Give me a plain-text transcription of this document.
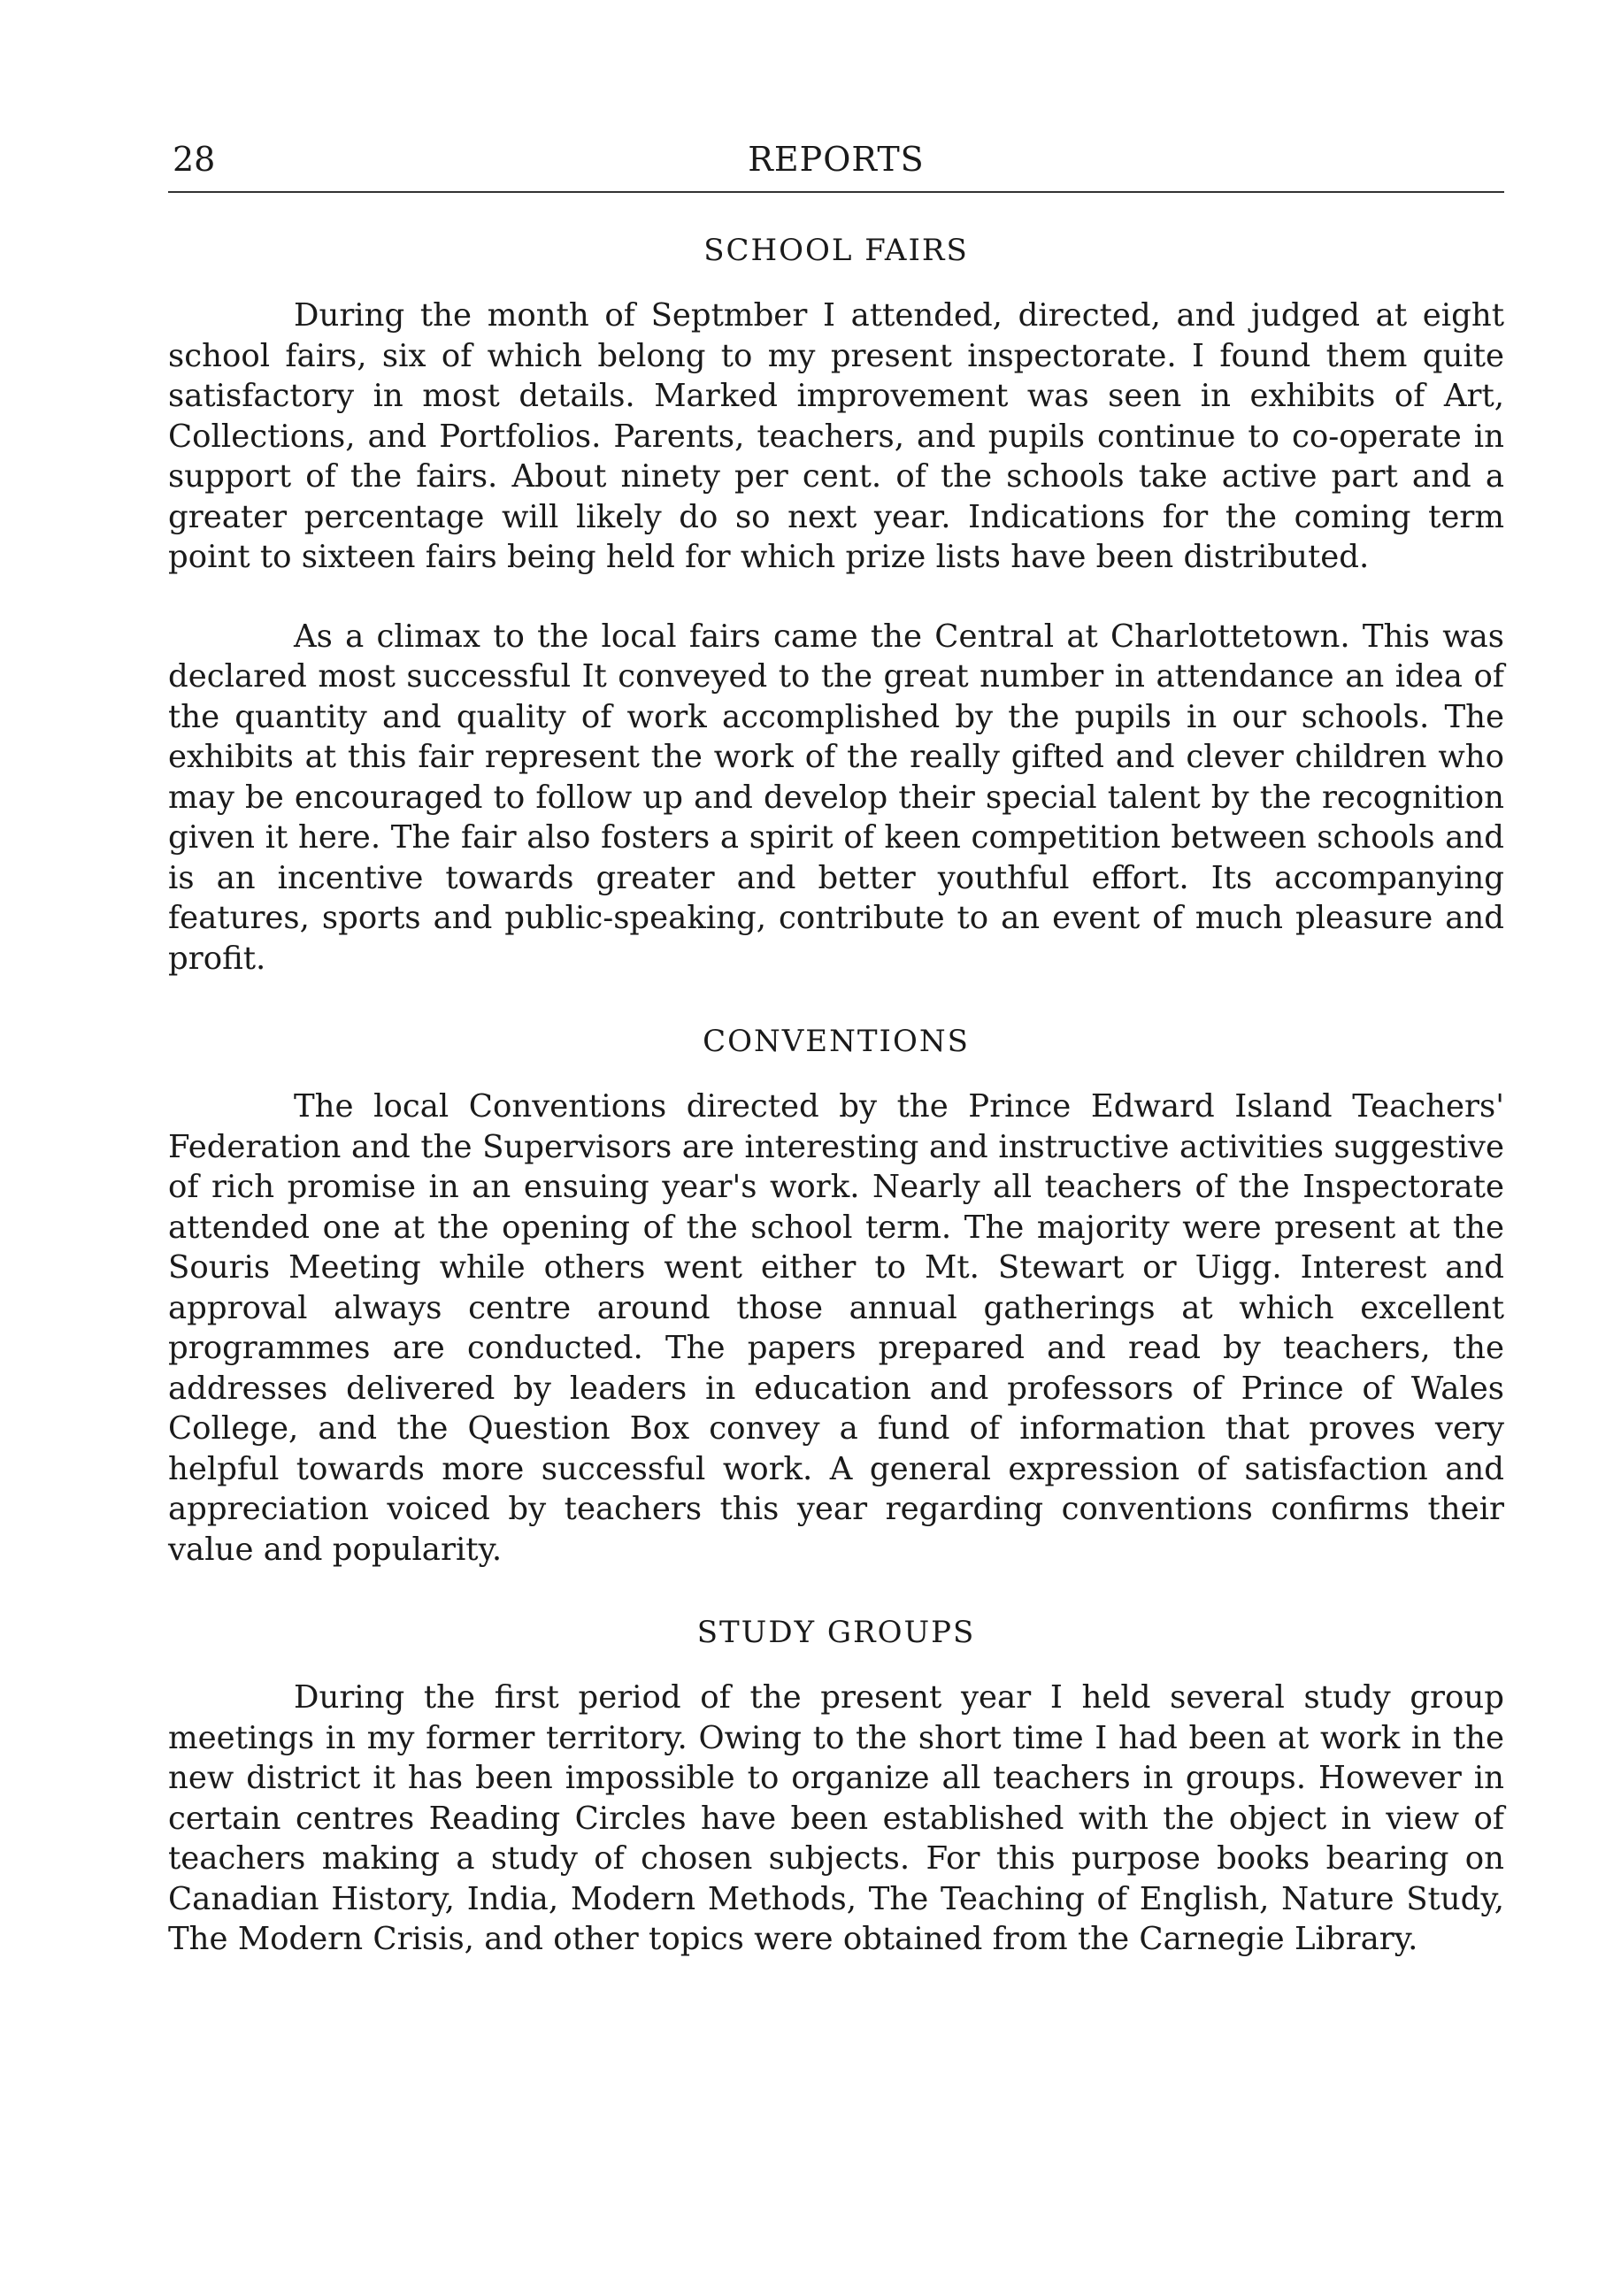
28	REPORTS
SCHOOL FAIRS

During the month of Septmber I attended, directed, and judged at eight school fairs, six of which belong to my present inspectorate. I found them quite satisfactory in most details. Marked improvement was seen in exhibits of Art, Collections, and Portfolios. Parents, teachers, and pupils continue to co-operate in support of the fairs. About ninety per cent. of the schools take active part and a greater percentage will likely do so next year. Indications for the coming term point to sixteen fairs being held for which prize lists have been distributed.

As a climax to the local fairs came the Central at Charlottetown. This was declared most successful It conveyed to the great number in attendance an idea of the quantity and quality of work accomplished by the pupils in our schools. The exhibits at this fair represent the work of the really gifted and clever children who may be encouraged to follow up and develop their special talent by the recognition given it here. The fair also fosters a spirit of keen competition between schools and is an incentive towards greater and better youthful effort. Its accompanying features, sports and public-speaking, contribute to an event of much pleasure and profit.

CONVENTIONS

The local Conventions directed by the Prince Edward Island Teachers' Federation and the Supervisors are interesting and instructive activities suggestive of rich promise in an ensuing year's work. Nearly all teachers of the Inspectorate attended one at the opening of the school term. The majority were present at the Souris Meeting while others went either to Mt. Stewart or Uigg. Interest and approval always centre around those annual gatherings at which excellent programmes are conducted. The papers prepared and read by teachers, the addresses delivered by leaders in education and professors of Prince of Wales College, and the Question Box convey a fund of information that proves very helpful towards more successful work. A general expression of satisfaction and appreciation voiced by teachers this year regarding conventions confirms their value and popularity.

STUDY GROUPS

During the first period of the present year I held several study group meetings in my former territory. Owing to the short time I had been at work in the new district it has been impossible to organize all teachers in groups. However in certain centres Reading Circles have been established with the object in view of teachers making a study of chosen subjects. For this purpose books bearing on Canadian History, India, Modern Methods, The Teaching of English, Nature Study, The Modern Crisis, and other topics were obtained from the Carnegie Library.
